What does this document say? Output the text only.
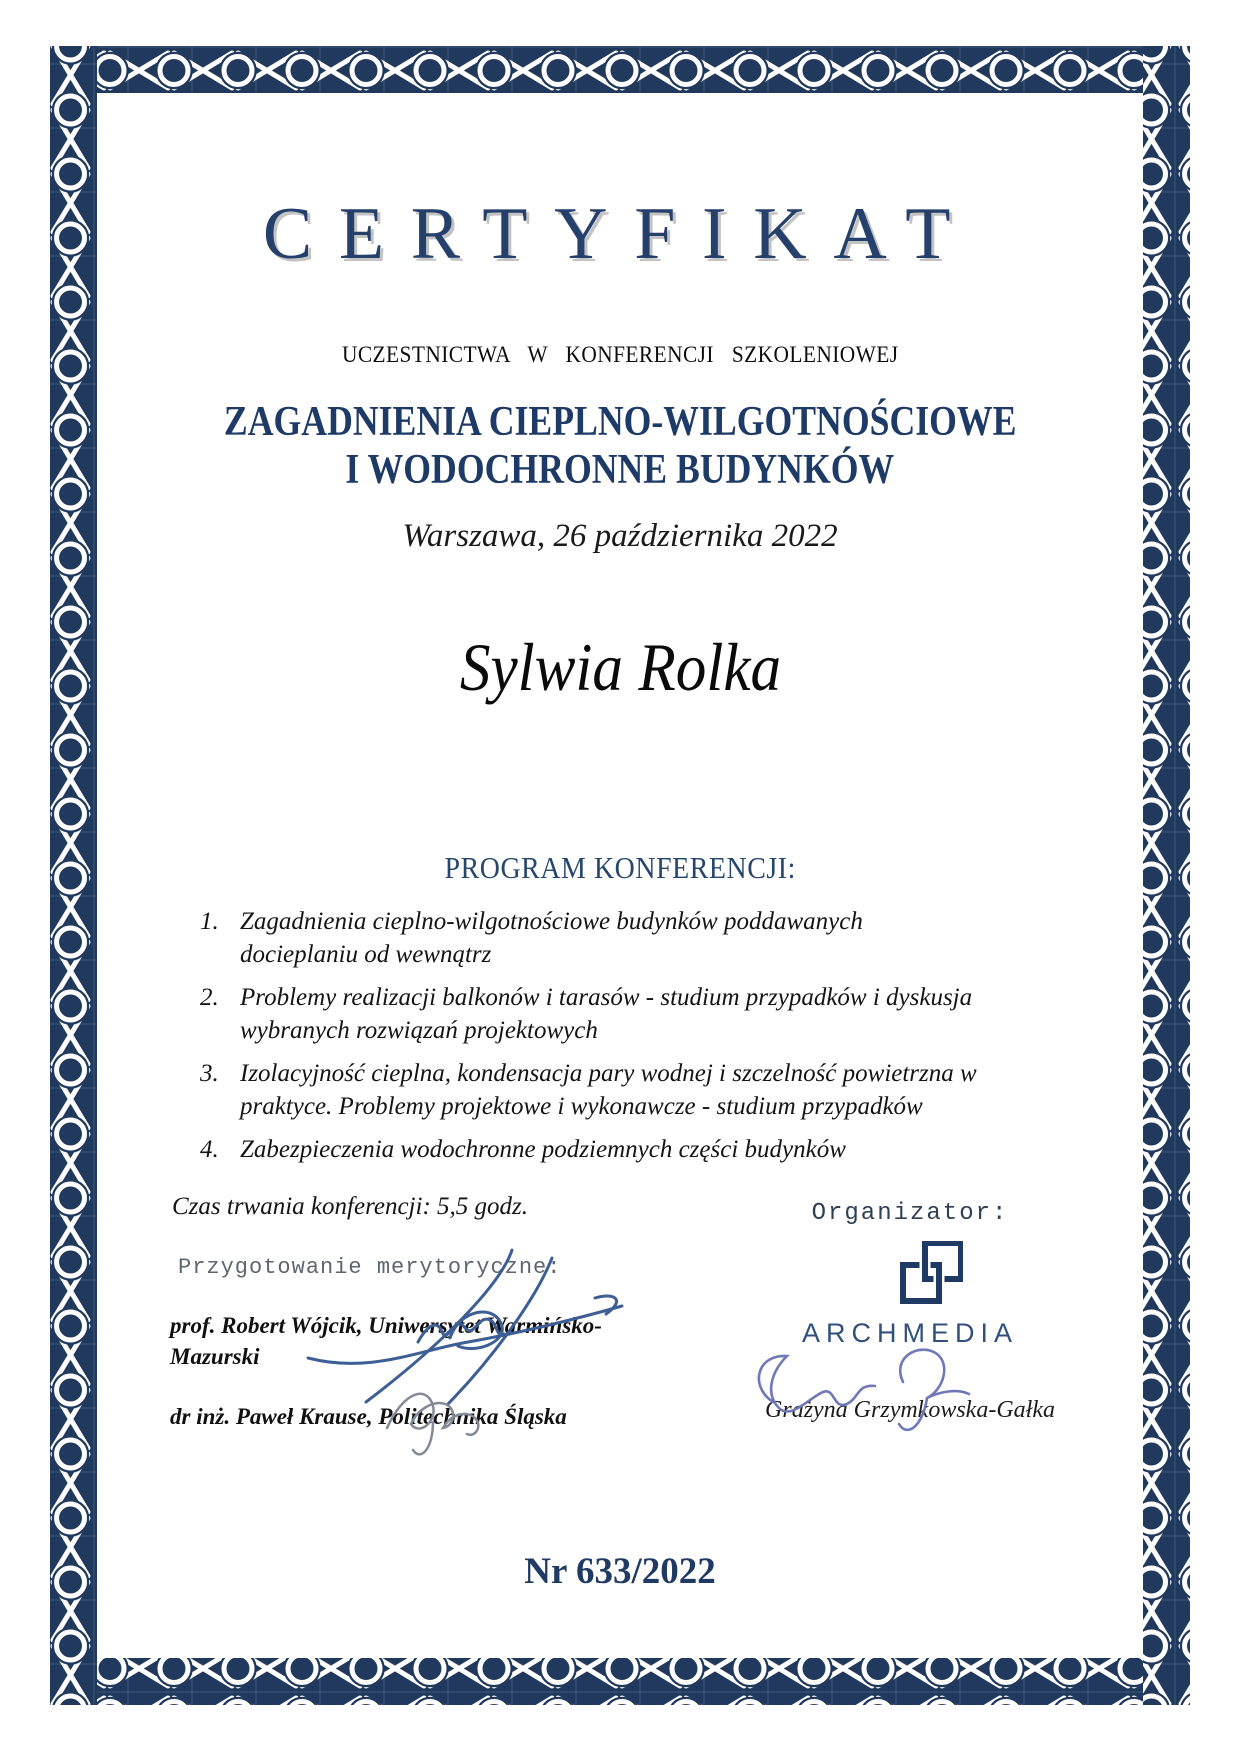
CERTYFIKAT
UCZESTNICTWA W KONFERENCJI SZKOLENIOWEJ
ZAGADNIENIA CIEPLNO-WILGOTNOŚCIOWE
I WODOCHRONNE BUDYNKÓW
Warszawa, 26 października 2022
Sylwia Rolka
PROGRAM KONFERENCJI:
1. Zagadnienia cieplno-wilgotnościowe budynków poddawanych docieplaniu od wewnątrz
2. Problemy realizacji balkonów i tarasów - studium przypadków i dyskusja wybranych rozwiązań projektowych
3. Izolacyjność cieplna, kondensacja pary wodnej i szczelność powietrzna w praktyce. Problemy projektowe i wykonawcze - studium przypadków
4. Zabezpieczenia wodochronne podziemnych części budynków
Czas trwania konferencji: 5,5 godz.
Przygotowanie merytoryczne:
prof. Robert Wójcik, Uniwersytet Warmińsko-Mazurski
dr inż. Paweł Krause, Politechnika Śląska
Organizator:
ARCHMEDIA
Grażyna Grzymkowska-Gałka
Nr 633/2022
